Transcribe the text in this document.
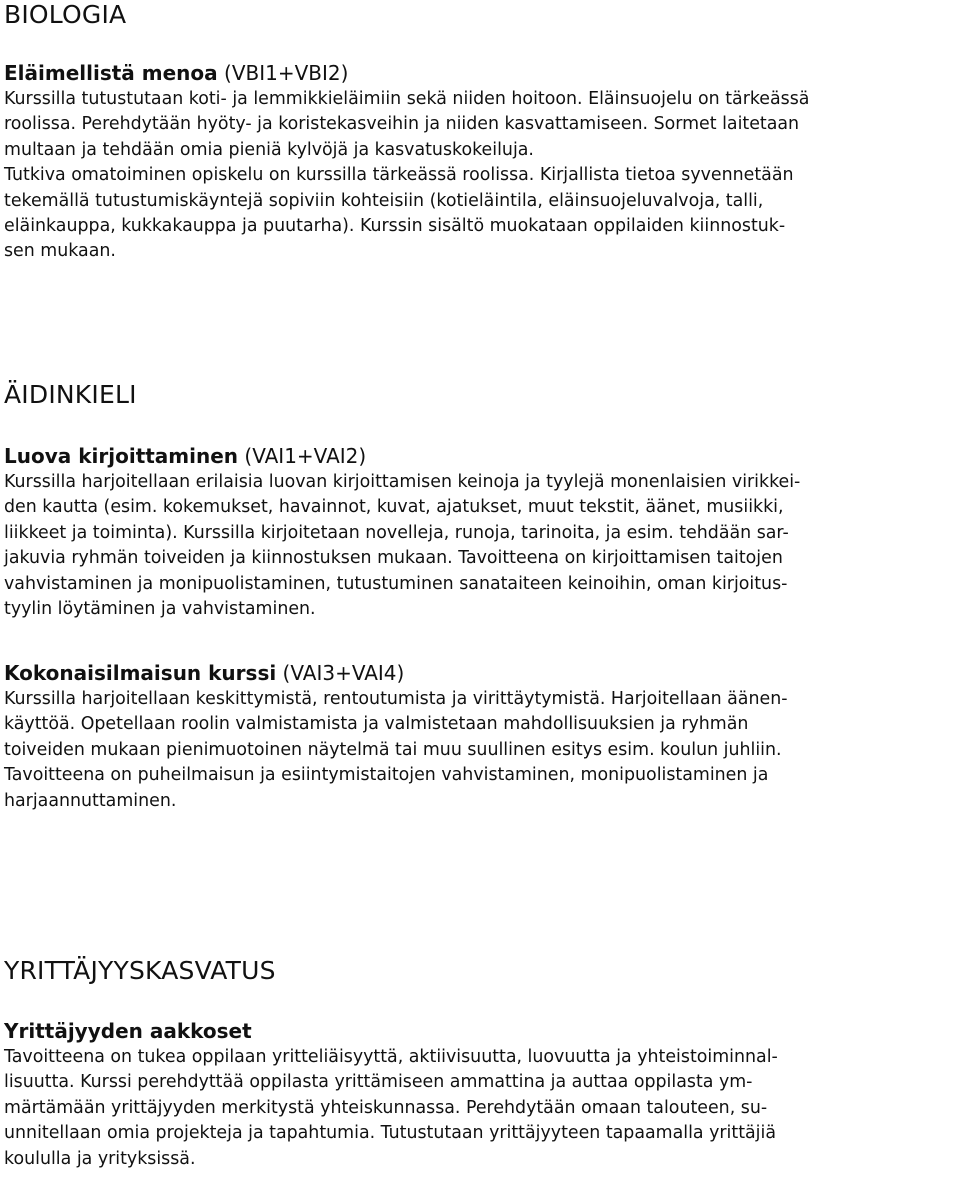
BIOLOGIA
Eläimellistä menoa (VBI1+VBI2)

Kurssilla tutustutaan koti- ja lemmikkieläimiin sekä niiden hoitoon. Eläinsuojelu on tärkeässä
roolissa. Perehdytään hyöty- ja koristekasveihin ja niiden kasvattamiseen. Sormet laitetaan
multaan ja tehdään omia pieniä kylvöjä ja kasvatuskokeiluja.
Tutkiva omatoiminen opiskelu on kurssilla tärkeässä roolissa. Kirjallista tietoa syvennetään
tekemällä tutustumiskäyntejä sopiviin kohteisiin (kotieläintila, eläinsuojeluvalvoja, talli,
eläinkauppa, kukkakauppa ja puutarha). Kurssin sisältö muokataan oppilaiden kiinnostuk-
sen mukaan.

ÄIDINKIELI
Luova kirjoittaminen (VAI1+VAI2)

Kurssilla harjoitellaan erilaisia luovan kirjoittamisen keinoja ja tyylejä monenlaisien virikkei-
den kautta (esim. kokemukset, havainnot, kuvat, ajatukset, muut tekstit, äänet, musiikki,
liikkeet ja toiminta). Kurssilla kirjoitetaan novelleja, runoja, tarinoita, ja esim. tehdään sar-
jakuvia ryhmän toiveiden ja kiinnostuksen mukaan. Tavoitteena on kirjoittamisen taitojen
vahvistaminen ja monipuolistaminen, tutustuminen sanataiteen keinoihin, oman kirjoitus-
tyylin löytäminen ja vahvistaminen.

Kokonaisilmaisun kurssi (VAI3+VAI4)

Kurssilla harjoitellaan keskittymistä, rentoutumista ja virittäytymistä. Harjoitellaan äänen-
käyttöä. Opetellaan roolin valmistamista ja valmistetaan mahdollisuuksien ja ryhmän
toiveiden mukaan pienimuotoinen näytelmä tai muu suullinen esitys esim. koulun juhliin.
Tavoitteena on puheilmaisun ja esiintymistaitojen vahvistaminen, monipuolistaminen ja
harjaannuttaminen.

YRITTÄJYYSKASVATUS
Yrittäjyyden aakkoset

Tavoitteena on tukea oppilaan yritteliäisyyttä, aktiivisuutta, luovuutta ja yhteistoiminnal-
lisuutta. Kurssi perehdyttää oppilasta yrittämiseen ammattina ja auttaa oppilasta ym-
märtämään yrittäjyyden merkitystä yhteiskunnassa. Perehdytään omaan talouteen, su-
unnitellaan omia projekteja ja tapahtumia. Tutustutaan yrittäjyyteen tapaamalla yrittäjiä
koululla ja yrityksissä.
